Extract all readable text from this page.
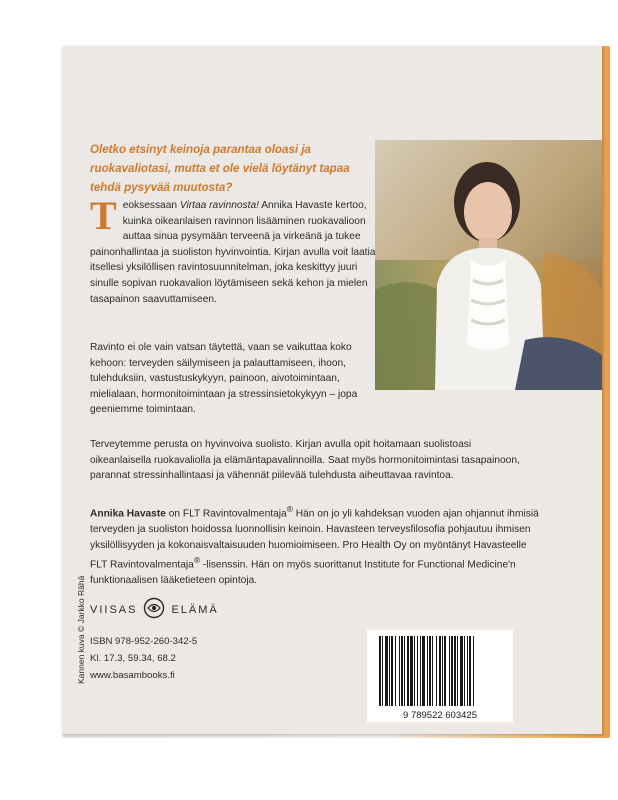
Oletko etsinyt keinoja parantaa oloasi ja
ruokavaliotasi, mutta et ole vielä löytänyt tapaa
tehdä pysyvää muutosta?
T eoksessaan Virtaa ravinnosta! Annika Havaste kertoo, kuinka oikeanlaisen ravinnon lisääminen ruokavalioon auttaa sinua pysymään terveenä ja virkeänä ja tukee painonhallintaa ja suoliston hyvinvointia. Kirjan avulla voit laatia itsellesi yksilöllisen ravintosuunnitelman, joka keskittyy juuri sinulle sopivan ruokavalion löytämiseen sekä kehon ja mielen tasapainon saavuttamiseen.

Ravinto ei ole vain vatsan täytettä, vaan se vaikuttaa koko kehoon: terveyden säilymiseen ja palauttamiseen, ihoon, tulehduksiin, vastustuskykyyn, painoon, aivotoimintaan, mielialaan, hormonitoimintaan ja stressinsietokykyyn – jopa geeniemme toimintaan.

Terveytemme perusta on hyvinvoiva suolisto. Kirjan avulla opit hoitamaan suolistoasi oikeanlaisella ruokavaliolla ja elämäntapavalinnoilla. Saat myös hormonitoimintasi tasapainoon, parannat stressinhallintaasi ja vähennät piilevää tulehdusta aiheuttavaa ravintoa.

Annika Havaste on FLT Ravintovalmentaja® Hän on jo yli kahdeksan vuoden ajan ohjannut ihmisiä terveyden ja suoliston hoidossa luonnollisin keinoin. Havasteen terveysfilosofia pohjautuu ihmisen yksilöllisyyden ja kokonaisvaltaisuuden huomioimiseen. Pro Health Oy on myöntänyt Havasteelle FLT Ravintovalmentaja® -lisenssin. Hän on myös suorittanut Institute for Functional Medicine'n funktionaalisen lääketieteen opintoja.
VIISAS	ELÄMÄ
ISBN 978-952-260-342-5
Kl. 17.3, 59.34, 68.2
www.basambooks.fi
9 789522 603425
Kannen kuva © Jarkko Rähä
